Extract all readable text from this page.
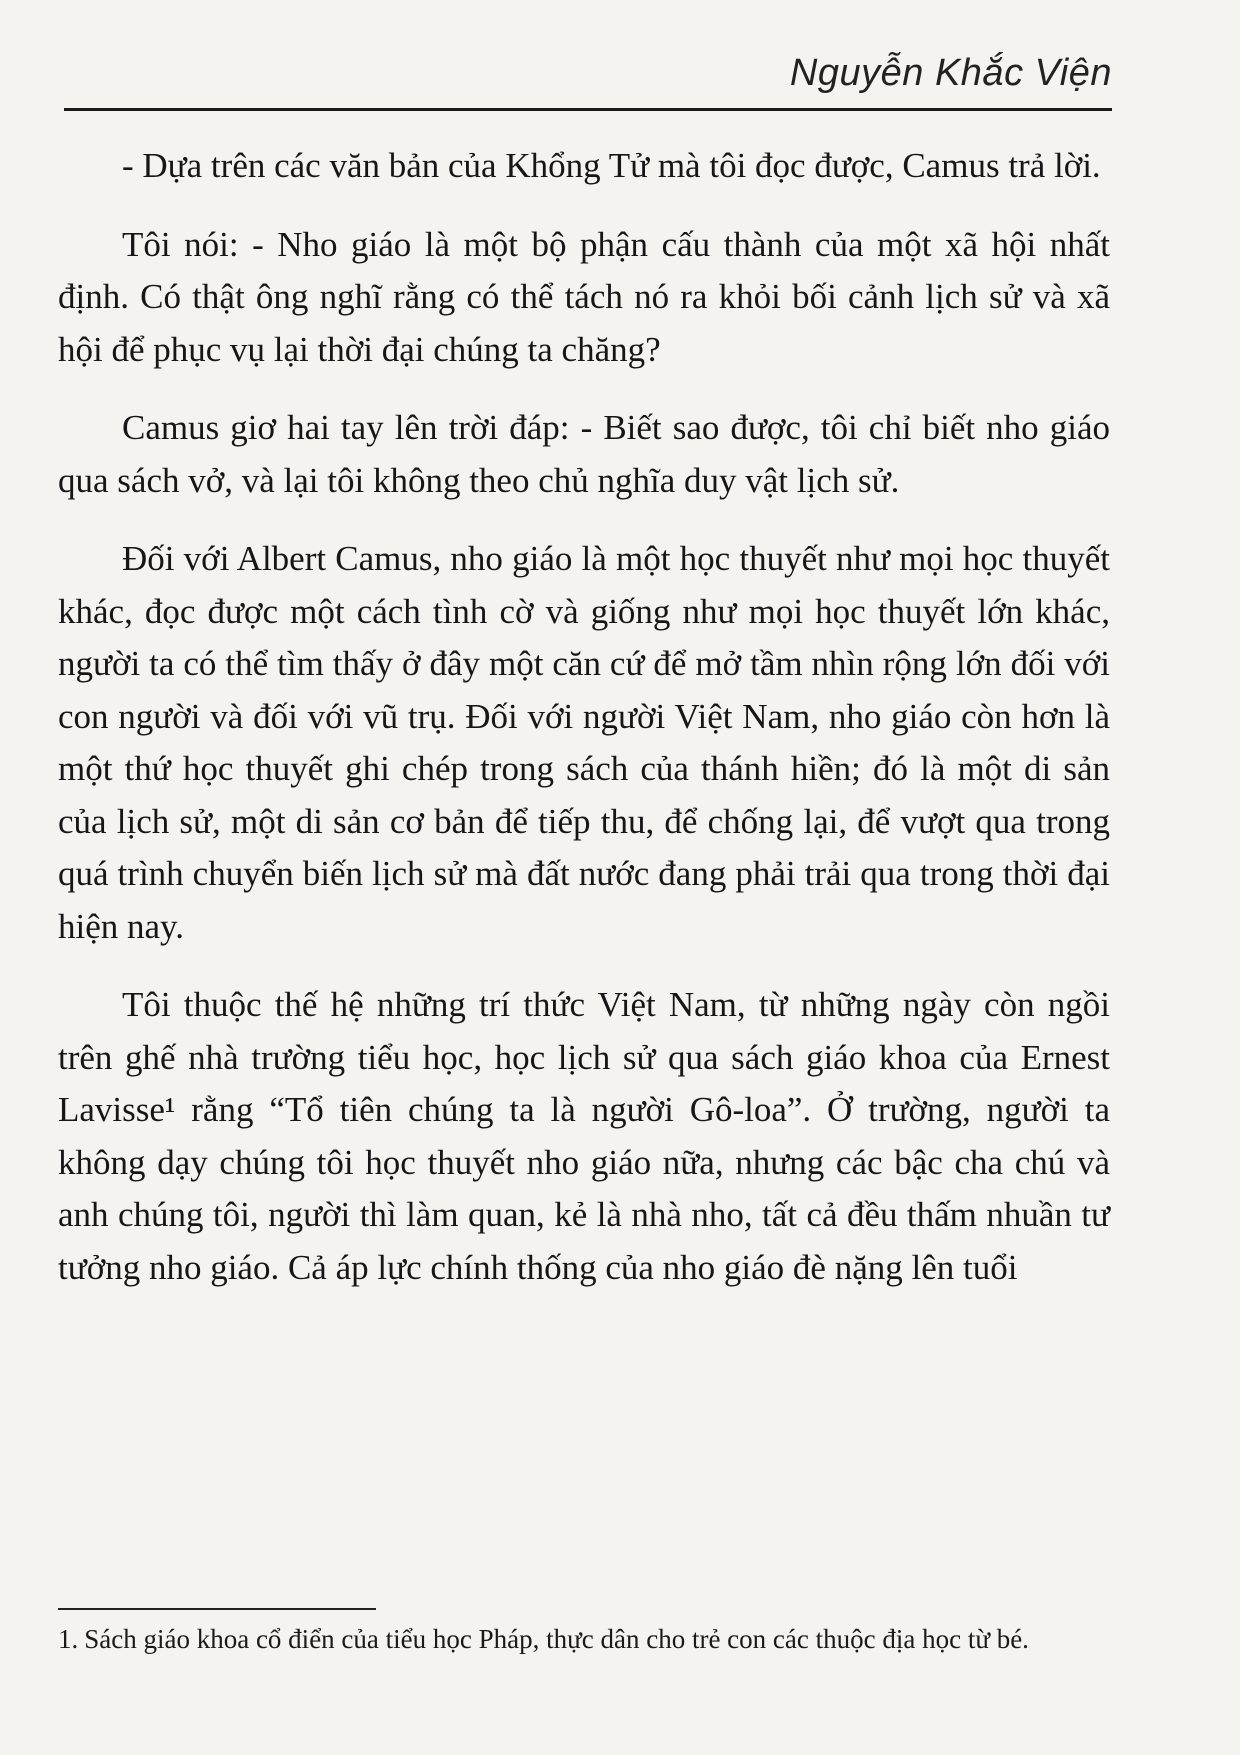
Nguyễn Khắc Viện

- Dựa trên các văn bản của Khổng Tử mà tôi đọc được, Camus trả lời.

Tôi nói: - Nho giáo là một bộ phận cấu thành của một xã hội nhất định. Có thật ông nghĩ rằng có thể tách nó ra khỏi bối cảnh lịch sử và xã hội để phục vụ lại thời đại chúng ta chăng?

Camus giơ hai tay lên trời đáp: - Biết sao được, tôi chỉ biết nho giáo qua sách vở, và lại tôi không theo chủ nghĩa duy vật lịch sử.

Đối với Albert Camus, nho giáo là một học thuyết như mọi học thuyết khác, đọc được một cách tình cờ và giống như mọi học thuyết lớn khác, người ta có thể tìm thấy ở đây một căn cứ để mở tầm nhìn rộng lớn đối với con người và đối với vũ trụ. Đối với người Việt Nam, nho giáo còn hơn là một thứ học thuyết ghi chép trong sách của thánh hiền; đó là một di sản của lịch sử, một di sản cơ bản để tiếp thu, để chống lại, để vượt qua trong quá trình chuyển biến lịch sử mà đất nước đang phải trải qua trong thời đại hiện nay.

Tôi thuộc thế hệ những trí thức Việt Nam, từ những ngày còn ngồi trên ghế nhà trường tiểu học, học lịch sử qua sách giáo khoa của Ernest Lavisse¹ rằng “Tổ tiên chúng ta là người Gô-loa”. Ở trường, người ta không dạy chúng tôi học thuyết nho giáo nữa, nhưng các bậc cha chú và anh chúng tôi, người thì làm quan, kẻ là nhà nho, tất cả đều thấm nhuần tư tưởng nho giáo. Cả áp lực chính thống của nho giáo đè nặng lên tuổi

1. Sách giáo khoa cổ điển của tiểu học Pháp, thực dân cho trẻ con các thuộc địa học từ bé.
